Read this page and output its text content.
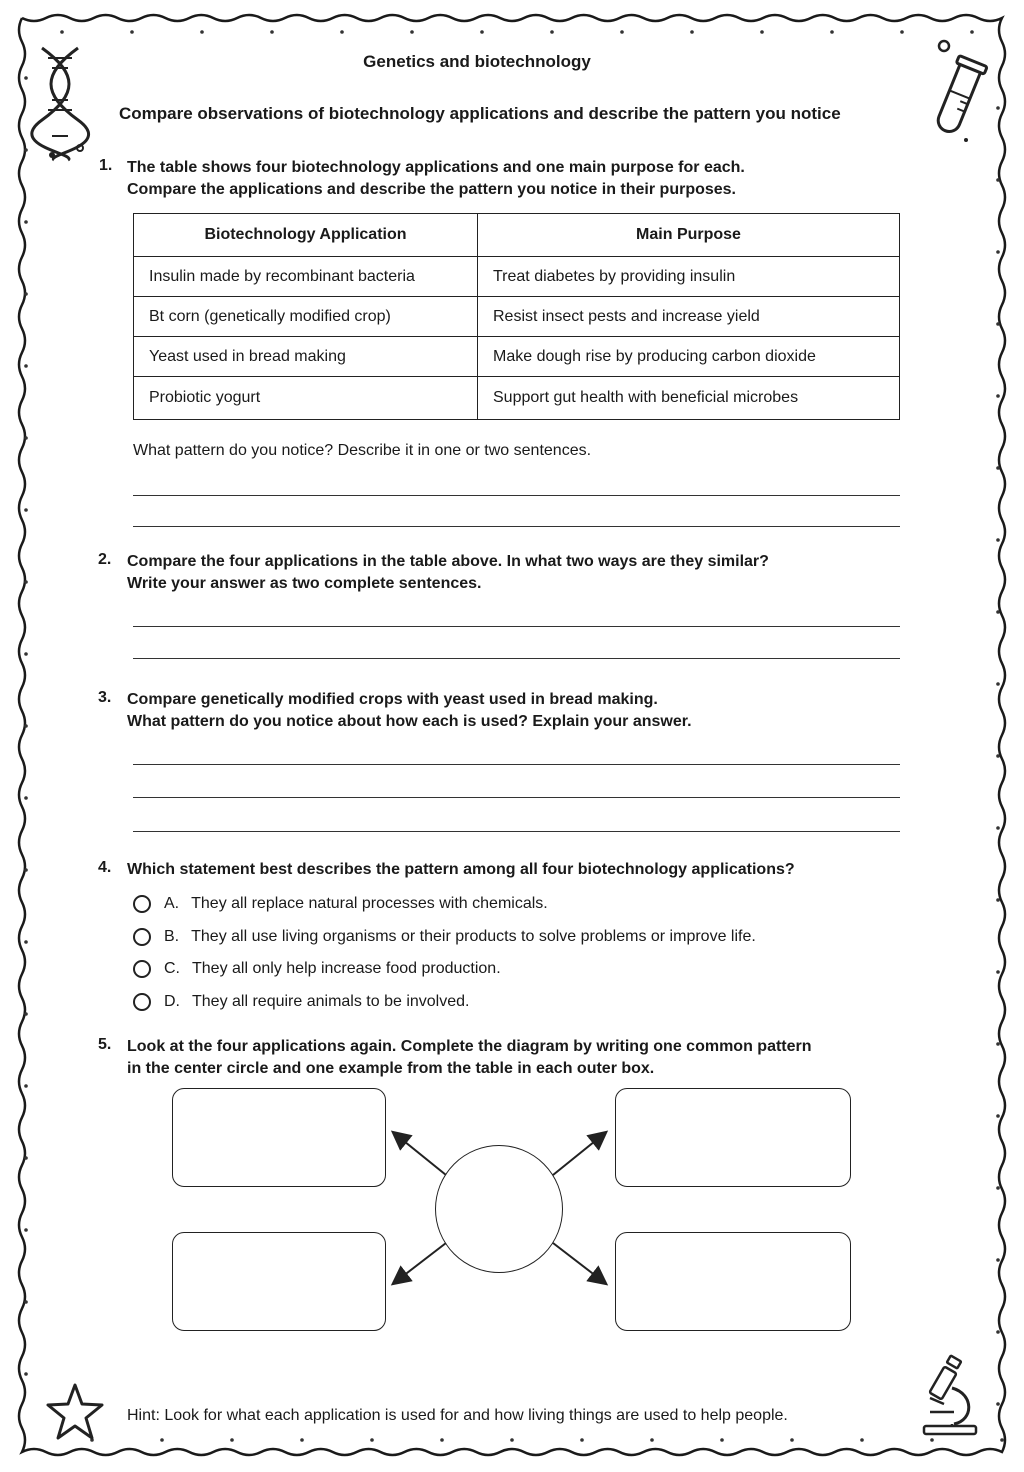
Genetics and biotechnology
Compare observations of biotechnology applications and describe the pattern you notice
1. The table shows four biotechnology applications and one main purpose for each.
Compare the applications and describe the pattern you notice in their purposes.
Biotechnology Application	Main Purpose
Insulin made by recombinant bacteria	Treat diabetes by providing insulin
Bt corn (genetically modified crop)	Resist insect pests and increase yield
Yeast used in bread making	Make dough rise by producing carbon dioxide
Probiotic yogurt	Support gut health with beneficial microbes
What pattern do you notice? Describe it in one or two sentences.
2. Compare the four applications in the table above. In what two ways are they similar?
Write your answer as two complete sentences.
3. Compare genetically modified crops with yeast used in bread making.
What pattern do you notice about how each is used? Explain your answer.
4. Which statement best describes the pattern among all four biotechnology applications?
A. They all replace natural processes with chemicals.
B. They all use living organisms or their products to solve problems or improve life.
C. They all only help increase food production.
D. They all require animals to be involved.
5. Look at the four applications again. Complete the diagram by writing one common pattern
in the center circle and one example from the table in each outer box.
Hint: Look for what each application is used for and how living things are used to help people.
